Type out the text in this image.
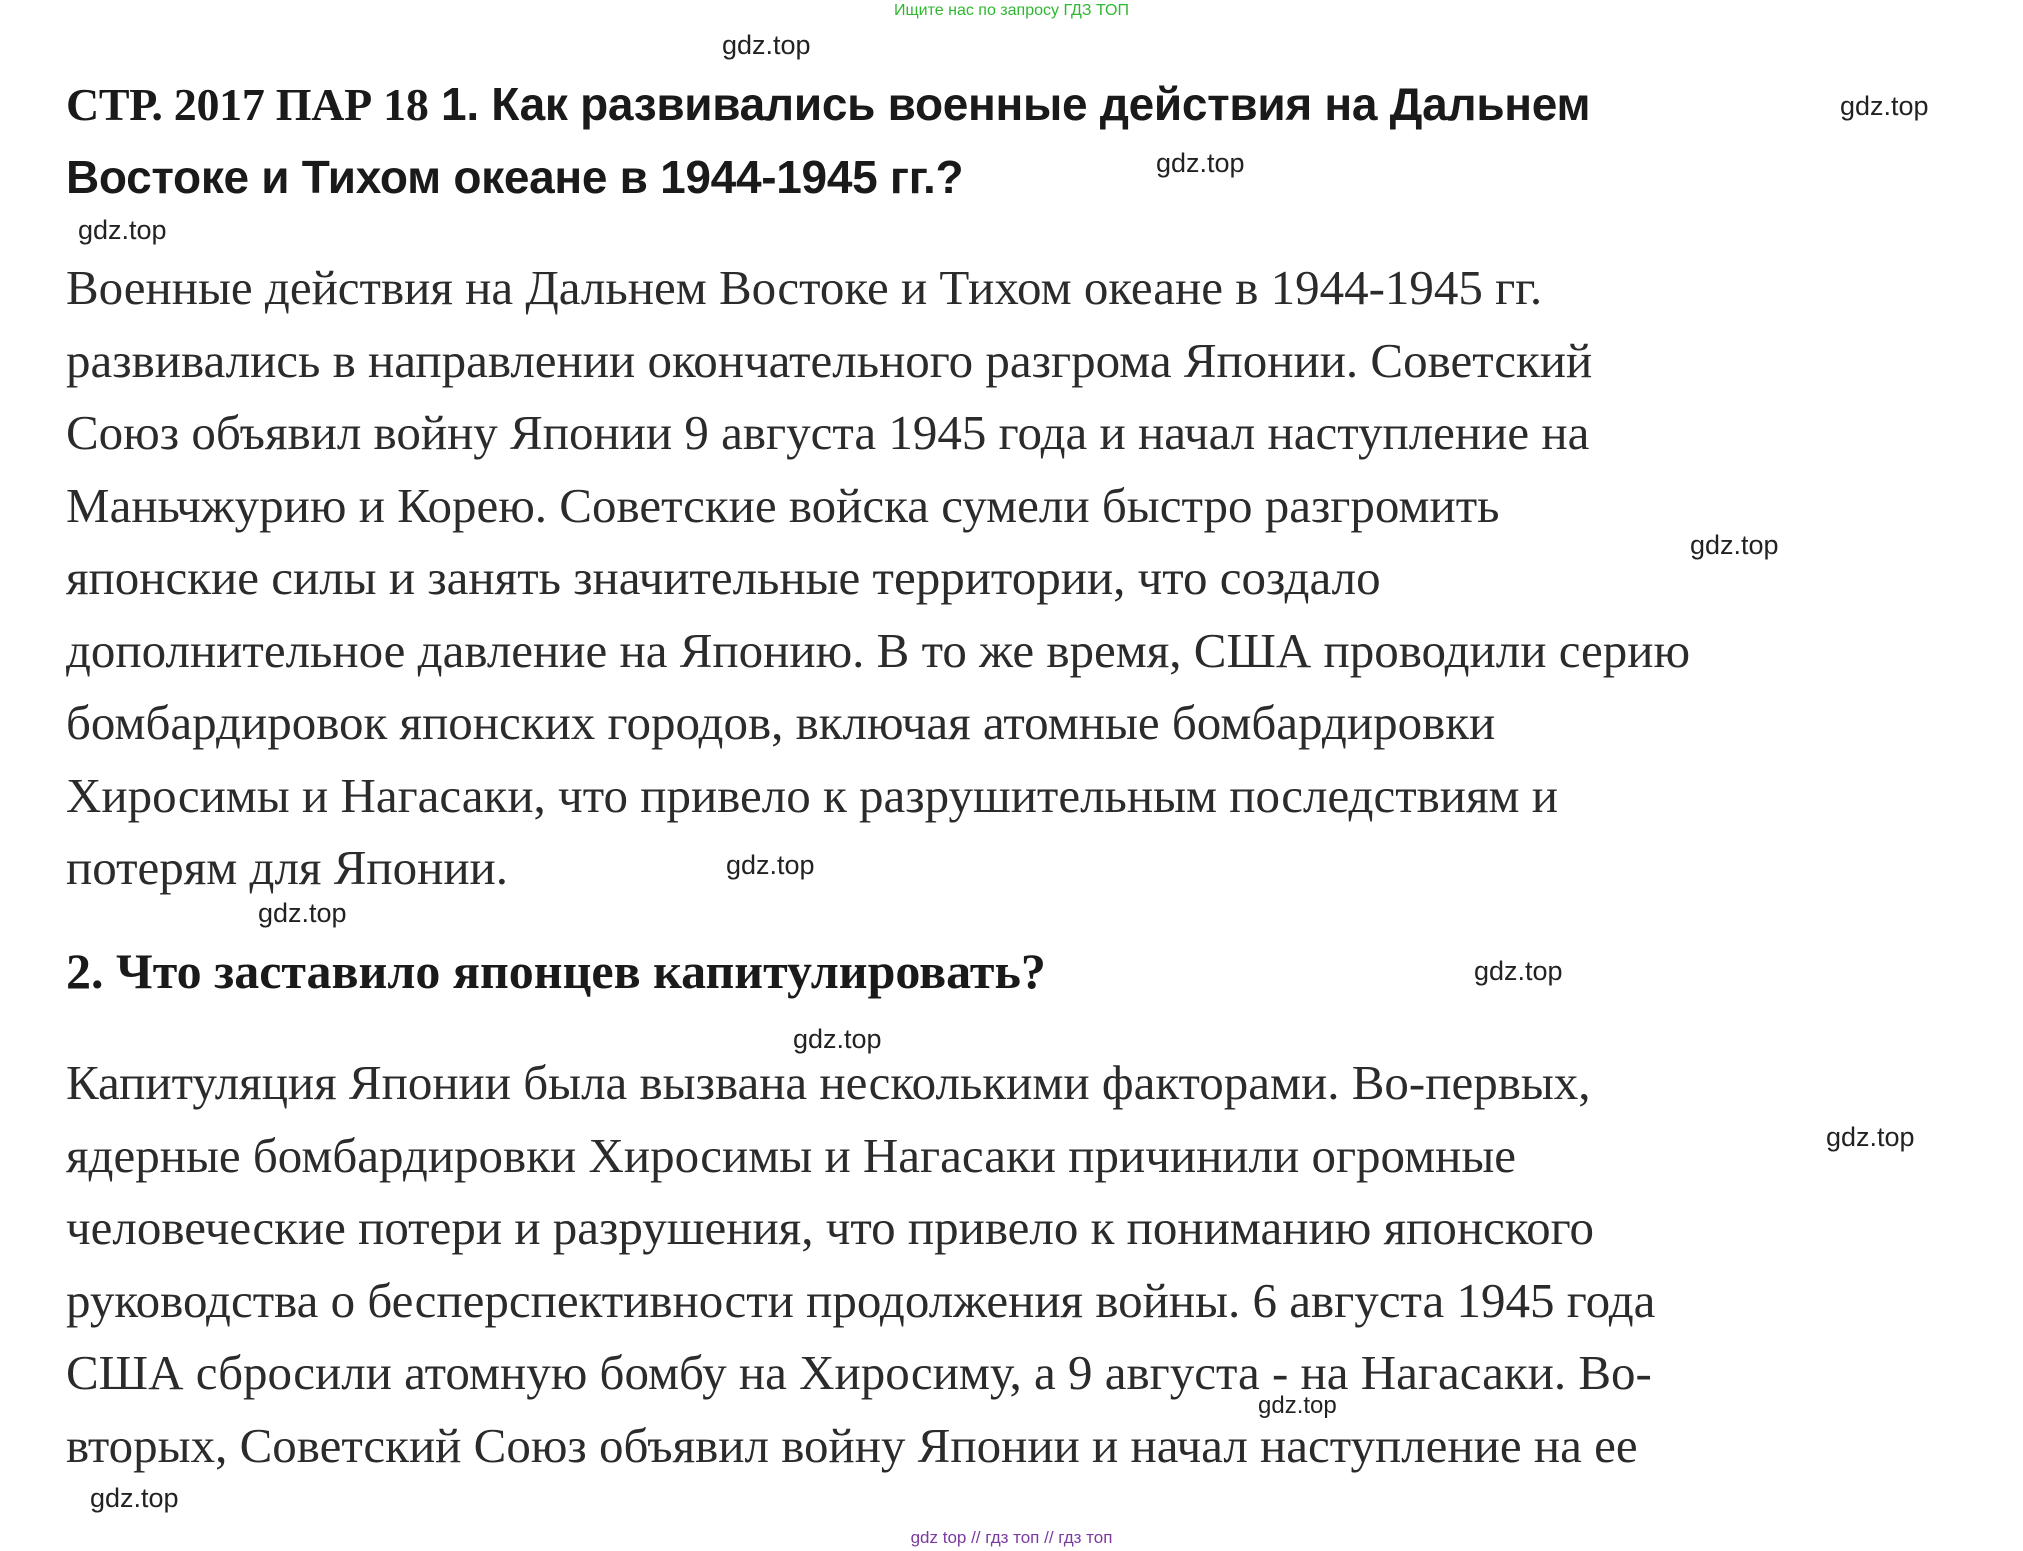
Ищите нас по запросу ГДЗ ТОП
СТР. 2017 ПАР 18 1. Как развивались военные действия на Дальнем
Востоке и Тихом океане в 1944-1945 гг.?
Военные действия на Дальнем Востоке и Тихом океане в 1944-1945 гг.
развивались в направлении окончательного разгрома Японии. Советский
Союз объявил войну Японии 9 августа 1945 года и начал наступление на
Маньчжурию и Корею. Советские войска сумели быстро разгромить
японские силы и занять значительные территории, что создало
дополнительное давление на Японию. В то же время, США проводили серию
бомбардировок японских городов, включая атомные бомбардировки
Хиросимы и Нагасаки, что привело к разрушительным последствиям и
потерям для Японии.
2. Что заставило японцев капитулировать?
Капитуляция Японии была вызвана несколькими факторами. Во-первых,
ядерные бомбардировки Хиросимы и Нагасаки причинили огромные
человеческие потери и разрушения, что привело к пониманию японского
руководства о бесперспективности продолжения войны. 6 августа 1945 года
США сбросили атомную бомбу на Хиросиму, а 9 августа - на Нагасаки. Во-
вторых, Советский Союз объявил войну Японии и начал наступление на ее
gdz.top
gdz.top
gdz.top
gdz.top
gdz.top
gdz.top
gdz.top
gdz.top
gdz.top
gdz.top
gdz.top
gdz.top
gdz top // гдз топ // гдз топ
